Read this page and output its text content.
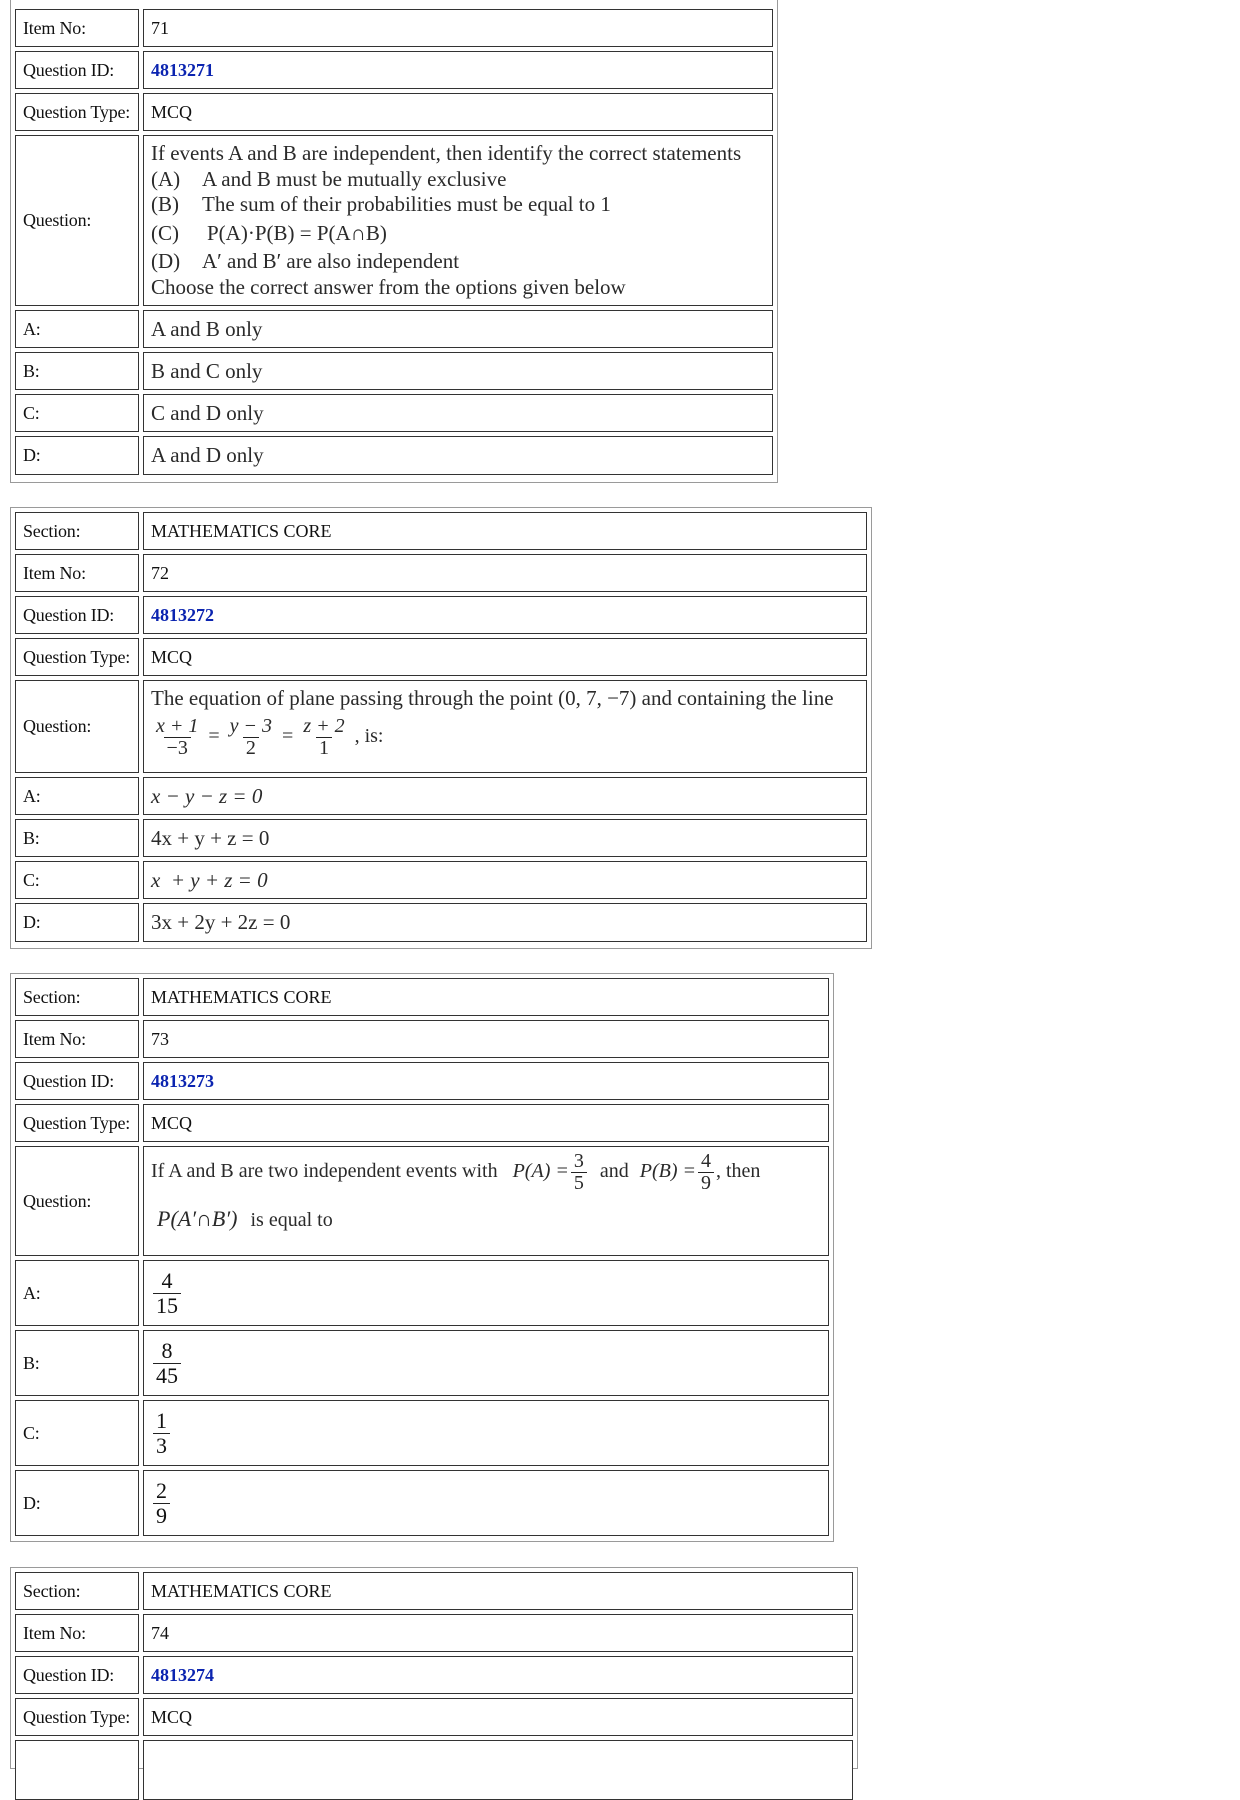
Item No:	71
Question ID:	4813271
Question Type:	MCQ
Question:
If events A and B are independent, then identify the correct statements
(A) A and B must be mutually exclusive
(B) The sum of their probabilities must be equal to 1
(C) P(A)·P(B) = P(A∩B)
(D) A′ and B′ are also independent
Choose the correct answer from the options given below
A:	A and B only
B:	B and C only
C:	C and D only
D:	A and D only
Section:	MATHEMATICS CORE
Item No:	72
Question ID:	4813272
Question Type:	MCQ
Question:
The equation of plane passing through the point (0, 7, −7) and containing the line
$\frac{x + 1}{-3} = \frac{y - 3}{2} = \frac{z + 2}{1}$ , is:
A:	x − y − z = 0
B:	4x + y + z = 0
C:	x  + y + z = 0
D:	3x + 2y + 2z = 0
Section:	MATHEMATICS CORE
Item No:	73
Question ID:	4813273
Question Type:	MCQ
Question:
If A and B are two independent events with $P(A) = \frac{3}{5}$ and $P(B) = \frac{4}{9}$ , then
P(A′∩B′) is equal to
A:	$\frac{4}{15}$
B:	$\frac{8}{45}$
C:	$\frac{1}{3}$
D:	$\frac{2}{9}$
Section:	MATHEMATICS CORE
Item No:	74
Question ID:	4813274
Question Type:	MCQ
